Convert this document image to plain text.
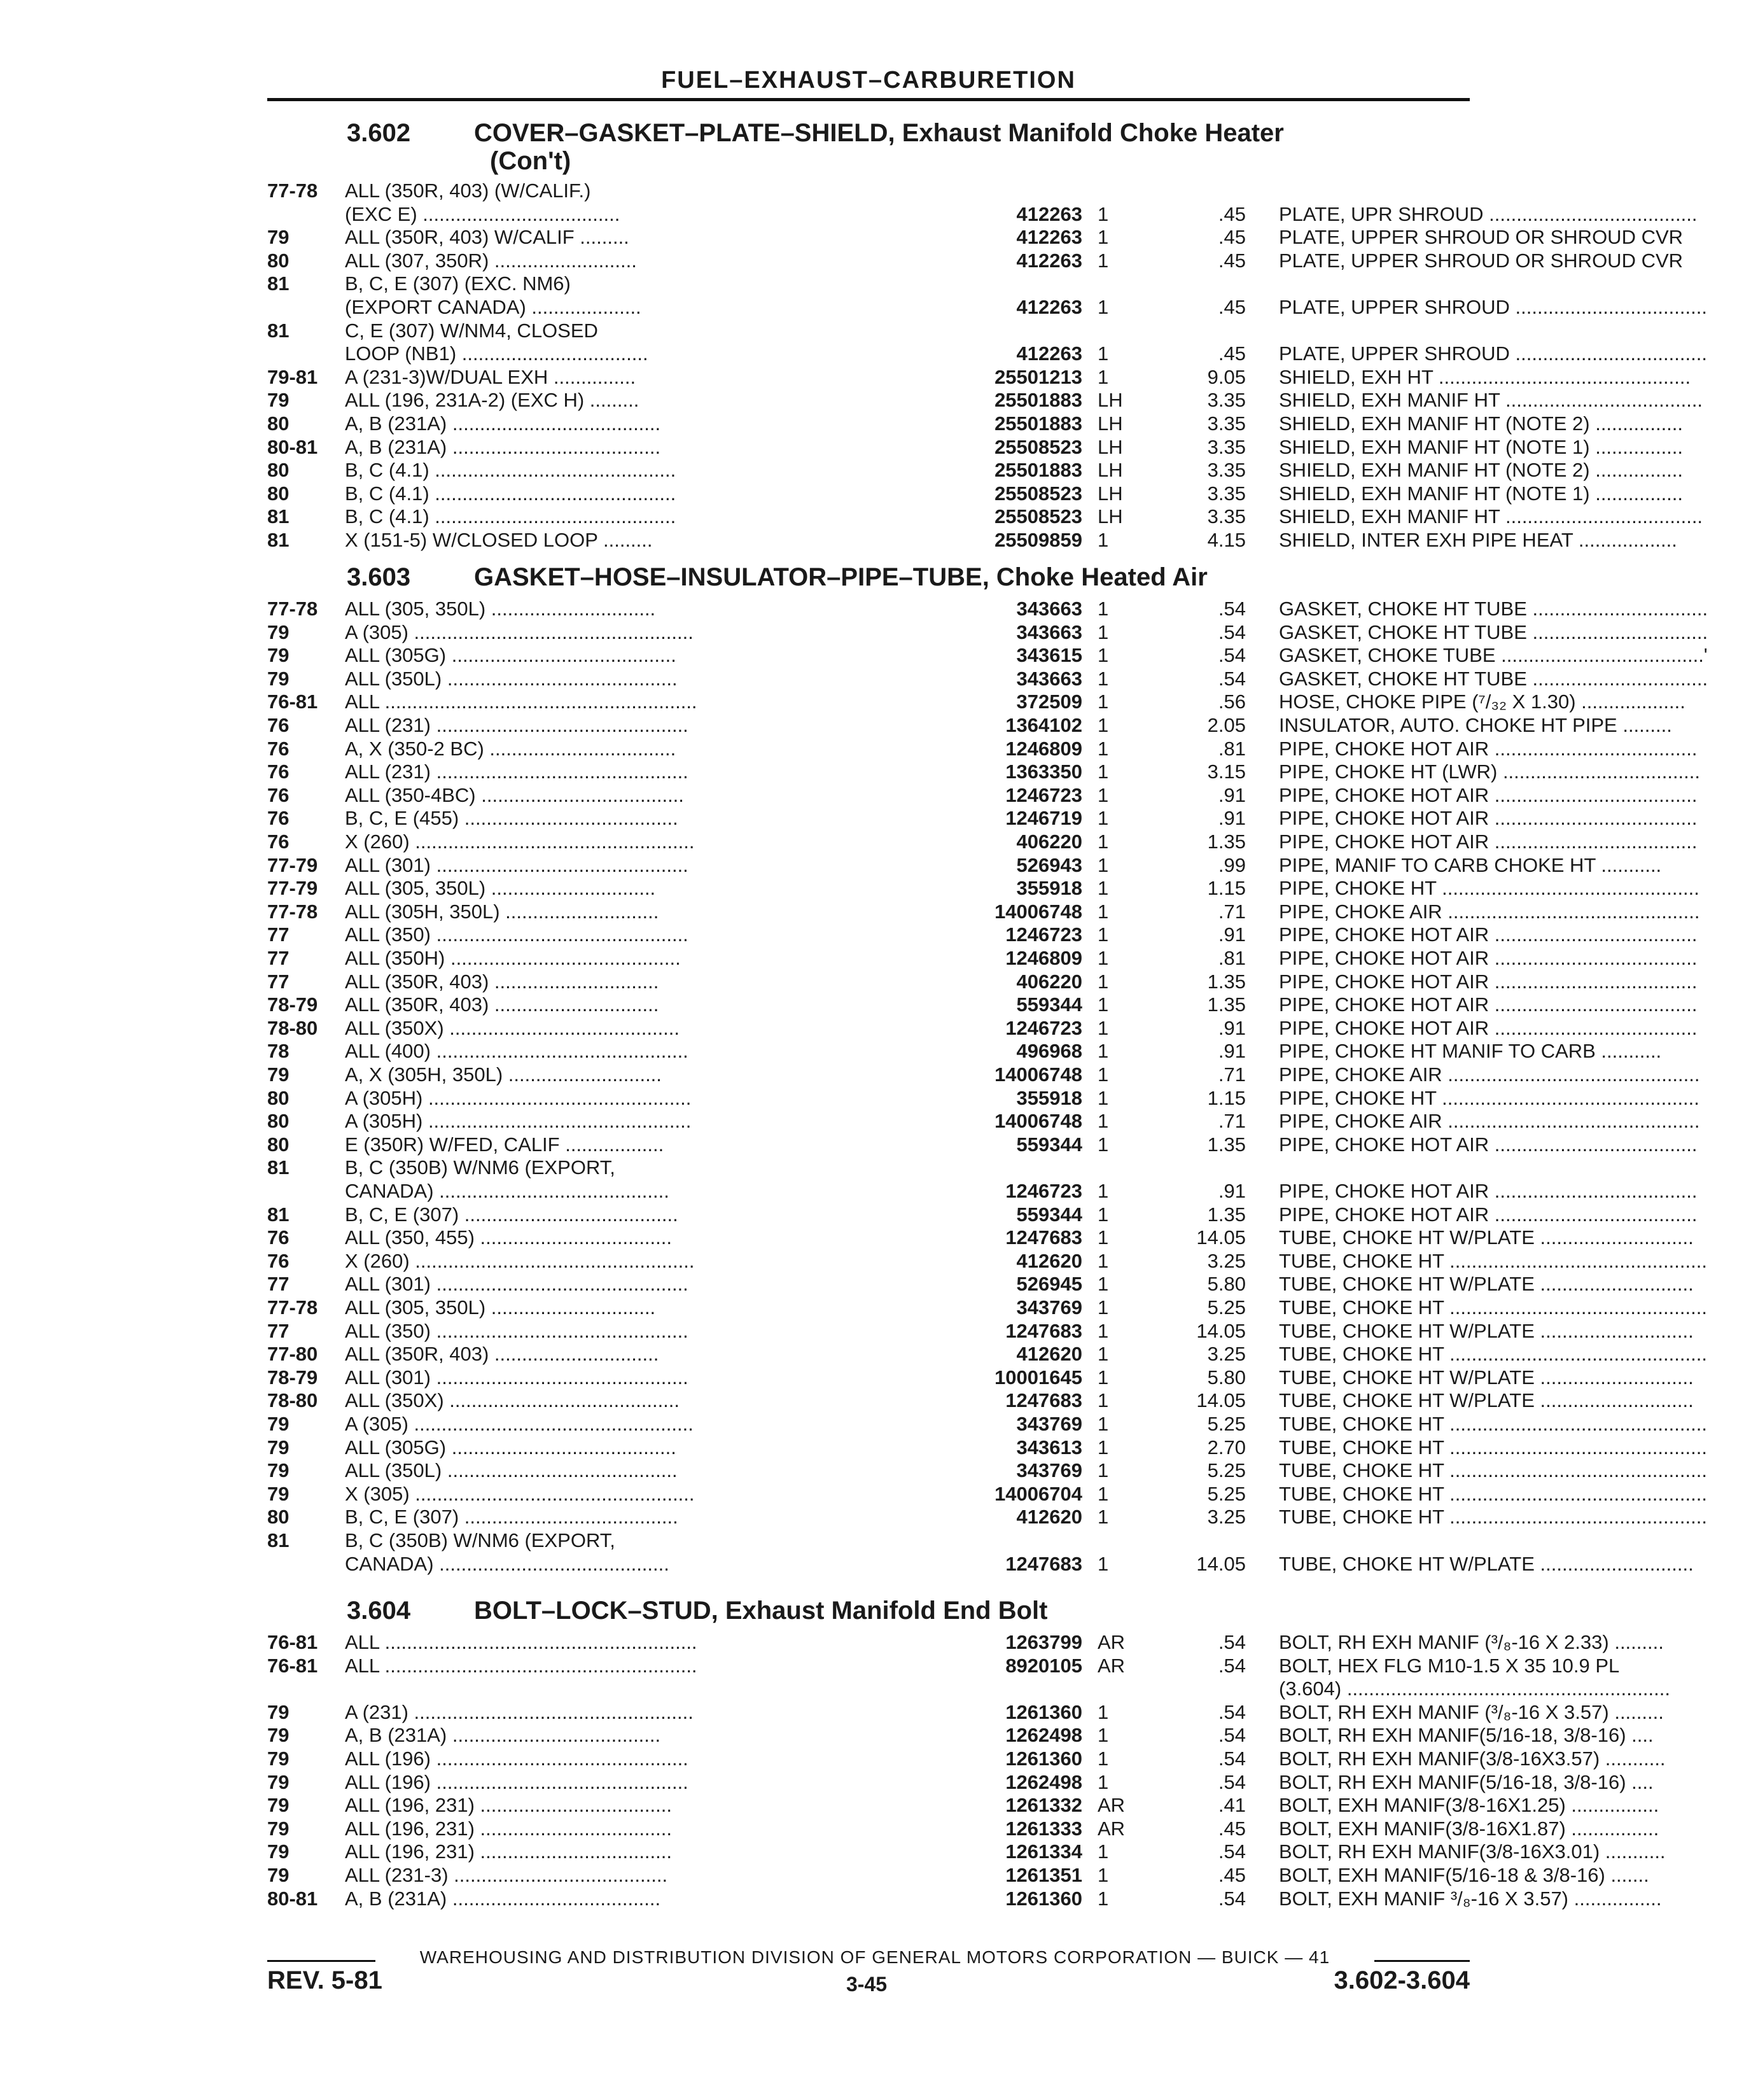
FUEL–EXHAUST–CARBURETION
3.602 COVER–GASKET–PLATE–SHIELD, Exhaust Manifold Choke Heater
(Con't)
77-78 ALL (350R, 403) (W/CALIF.)
(EXC E) ....................................	412263 1	.45 PLATE, UPR SHROUD ......................................
79	ALL (350R, 403) W/CALIF .........	412263 1	.45 PLATE, UPPER SHROUD OR SHROUD CVR
80	ALL (307, 350R) ..........................	412263 1	.45 PLATE, UPPER SHROUD OR SHROUD CVR
81	B, C, E (307) (EXC. NM6)
(EXPORT CANADA) ....................	412263 1	.45 PLATE, UPPER SHROUD ...................................
81	C, E (307) W/NM4, CLOSED
LOOP (NB1) ..................................	412263 1	.45 PLATE, UPPER SHROUD ...................................
79-81 A (231-3)W/DUAL EXH ...............	25501213 1	9.05 SHIELD, EXH HT ..............................................
79	ALL (196, 231A-2) (EXC H) .........	25501883 LH	3.35 SHIELD, EXH MANIF HT ....................................
80	A, B (231A) ......................................	25501883 LH	3.35 SHIELD, EXH MANIF HT (NOTE 2) ................
80-81 A, B (231A) ......................................	25508523 LH	3.35 SHIELD, EXH MANIF HT (NOTE 1) ................
80	B, C (4.1) ............................................	25501883 LH	3.35 SHIELD, EXH MANIF HT (NOTE 2) ................
80	B, C (4.1) ............................................	25508523 LH	3.35 SHIELD, EXH MANIF HT (NOTE 1) ................
81	B, C (4.1) ............................................	25508523 LH	3.35 SHIELD, EXH MANIF HT ....................................
81	X (151-5) W/CLOSED LOOP .........	25509859 1	4.15 SHIELD, INTER EXH PIPE HEAT ..................
3.603 GASKET–HOSE–INSULATOR–PIPE–TUBE, Choke Heated Air
77-78 ALL (305, 350L) ..............................	343663 1	.54 GASKET, CHOKE HT TUBE ................................
79	A (305) ...................................................	343663 1	.54 GASKET, CHOKE HT TUBE ................................
79	ALL (305G) .........................................	343615 1	.54 GASKET, CHOKE TUBE .....................................'
79	ALL (350L) ..........................................	343663 1	.54 GASKET, CHOKE HT TUBE ................................
76-81 ALL .........................................................	372509 1	.56 HOSE, CHOKE PIPE (⁷/₃₂ X 1.30) ...................
76	ALL (231) ..............................................	1364102 1	2.05 INSULATOR, AUTO. CHOKE HT PIPE .........
76	A, X (350-2 BC) ..................................	1246809 1	.81 PIPE, CHOKE HOT AIR .....................................
76	ALL (231) ..............................................	1363350 1	3.15 PIPE, CHOKE HT (LWR) ....................................
76	ALL (350-4BC) .....................................	1246723 1	.91 PIPE, CHOKE HOT AIR .....................................
76	B, C, E (455) .......................................	1246719 1	.91 PIPE, CHOKE HOT AIR .....................................
76	X (260) ...................................................	406220 1	1.35 PIPE, CHOKE HOT AIR .....................................
77-79 ALL (301) ..............................................	526943 1	.99 PIPE, MANIF TO CARB CHOKE HT ...........
77-79 ALL (305, 350L) ..............................	355918 1	1.15 PIPE, CHOKE HT ...............................................
77-78 ALL (305H, 350L) ............................	14006748 1	.71 PIPE, CHOKE AIR ..............................................
77	ALL (350) ..............................................	1246723 1	.91 PIPE, CHOKE HOT AIR .....................................
77	ALL (350H) ..........................................	1246809 1	.81 PIPE, CHOKE HOT AIR .....................................
77	ALL (350R, 403) ..............................	406220 1	1.35 PIPE, CHOKE HOT AIR .....................................
78-79 ALL (350R, 403) ..............................	559344 1	1.35 PIPE, CHOKE HOT AIR .....................................
78-80 ALL (350X) ..........................................	1246723 1	.91 PIPE, CHOKE HOT AIR .....................................
78	ALL (400) ..............................................	496968 1	.91 PIPE, CHOKE HT MANIF TO CARB ...........
79	A, X (305H, 350L) ............................	14006748 1	.71 PIPE, CHOKE AIR ..............................................
80	A (305H) ................................................	355918 1	1.15 PIPE, CHOKE HT ...............................................
80	A (305H) ................................................	14006748 1	.71 PIPE, CHOKE AIR ..............................................
80	E (350R) W/FED, CALIF ..................	559344 1	1.35 PIPE, CHOKE HOT AIR .....................................
81	B, C (350B) W/NM6 (EXPORT,
CANADA) ..........................................	1246723 1	.91 PIPE, CHOKE HOT AIR .....................................
81	B, C, E (307) .......................................	559344 1	1.35 PIPE, CHOKE HOT AIR .....................................
76	ALL (350, 455) ...................................	1247683 1	14.05 TUBE, CHOKE HT W/PLATE ............................
76	X (260) ...................................................	412620 1	3.25 TUBE, CHOKE HT ...............................................
77	ALL (301) ..............................................	526945 1	5.80 TUBE, CHOKE HT W/PLATE ............................
77-78 ALL (305, 350L) ..............................	343769 1	5.25 TUBE, CHOKE HT ...............................................
77	ALL (350) ..............................................	1247683 1	14.05 TUBE, CHOKE HT W/PLATE ............................
77-80 ALL (350R, 403) ..............................	412620 1	3.25 TUBE, CHOKE HT ...............................................
78-79 ALL (301) ..............................................	10001645 1	5.80 TUBE, CHOKE HT W/PLATE ............................
78-80 ALL (350X) ..........................................	1247683 1	14.05 TUBE, CHOKE HT W/PLATE ............................
79	A (305) ...................................................	343769 1	5.25 TUBE, CHOKE HT ...............................................
79	ALL (305G) .........................................	343613 1	2.70 TUBE, CHOKE HT ...............................................
79	ALL (350L) ..........................................	343769 1	5.25 TUBE, CHOKE HT ...............................................
79	X (305) ...................................................	14006704 1	5.25 TUBE, CHOKE HT ...............................................
80	B, C, E (307) .......................................	412620 1	3.25 TUBE, CHOKE HT ...............................................
81	B, C (350B) W/NM6 (EXPORT,
CANADA) ..........................................	1247683 1	14.05 TUBE, CHOKE HT W/PLATE ............................
3.604 BOLT–LOCK–STUD, Exhaust Manifold End Bolt
76-81 ALL .........................................................	1263799 AR	.54 BOLT, RH EXH MANIF (³/₈-16 X 2.33) .........
76-81 ALL .........................................................	8920105 AR	.54 BOLT, HEX FLG M10-1.5 X 35 10.9 PL
(3.604) ...........................................................
79	A (231) ...................................................	1261360 1	.54 BOLT, RH EXH MANIF (³/₈-16 X 3.57) .........
79	A, B (231A) ......................................	1262498 1	.54 BOLT, RH EXH MANIF(5/16-18, 3/8-16) ....
79	ALL (196) ..............................................	1261360 1	.54 BOLT, RH EXH MANIF(3/8-16X3.57) ...........
79	ALL (196) ..............................................	1262498 1	.54 BOLT, RH EXH MANIF(5/16-18, 3/8-16) ....
79	ALL (196, 231) ...................................	1261332 AR	.41 BOLT, EXH MANIF(3/8-16X1.25) ................
79	ALL (196, 231) ...................................	1261333 AR	.45 BOLT, EXH MANIF(3/8-16X1.87) ................
79	ALL (196, 231) ...................................	1261334 1	.54 BOLT, RH EXH MANIF(3/8-16X3.01) ...........
79	ALL (231-3) .......................................	1261351 1	.45 BOLT, EXH MANIF(5/16-18 & 3/8-16) .......
80-81 A, B (231A) ......................................	1261360 1	.54 BOLT, EXH MANIF ³/₈-16 X 3.57) ................
WAREHOUSING AND DISTRIBUTION DIVISION OF GENERAL MOTORS CORPORATION — BUICK — 41
REV. 5-81	3-45	3.602-3.604
